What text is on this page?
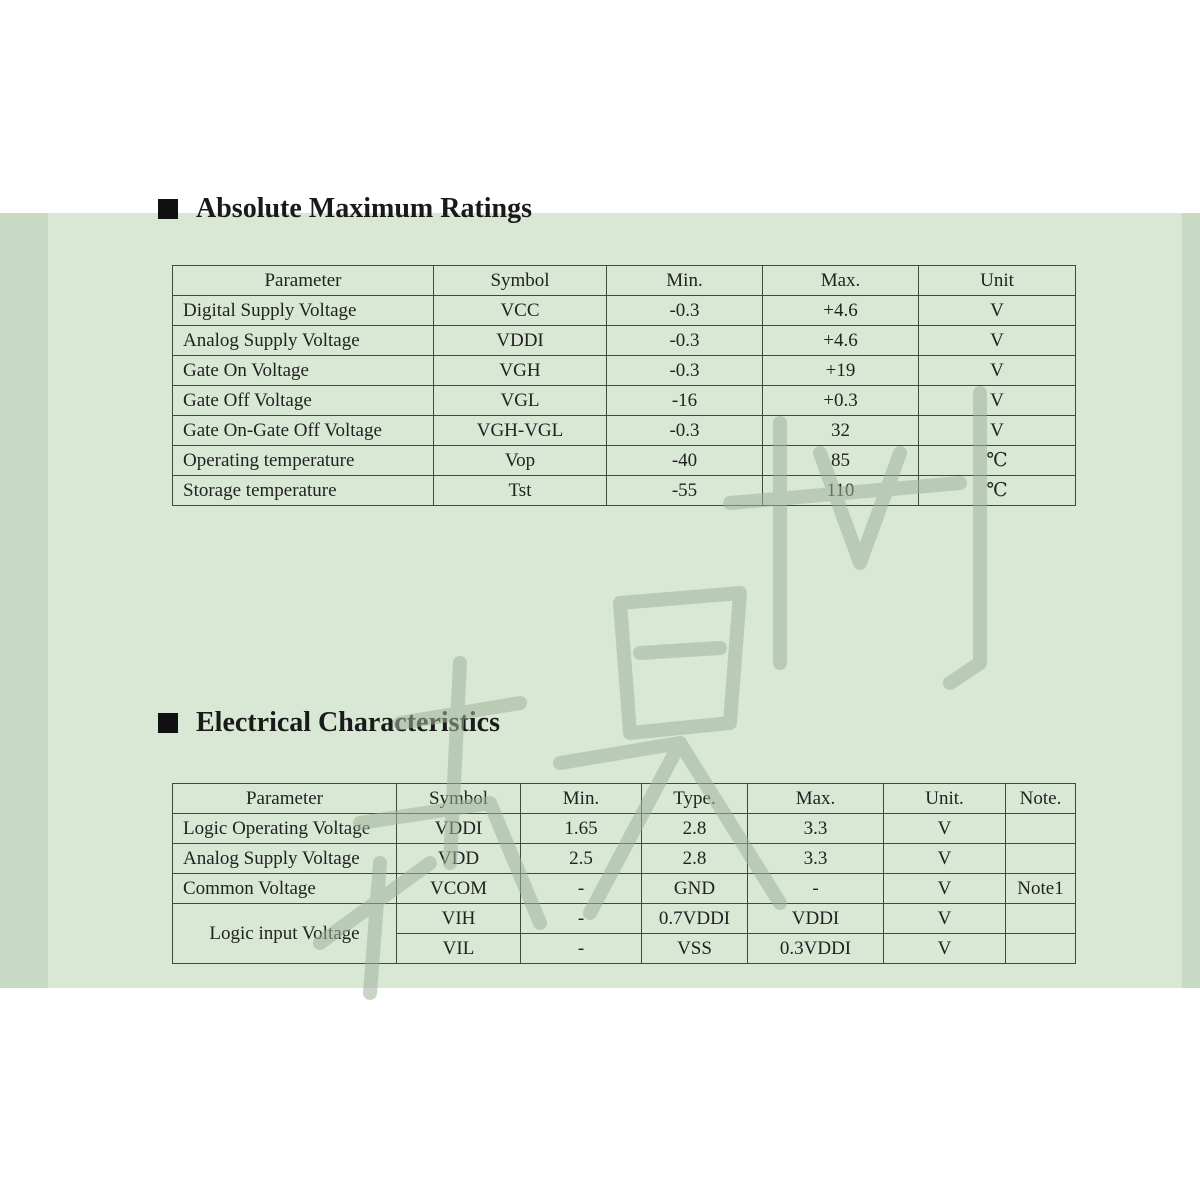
Absolute Maximum Ratings
Parameter	Symbol	Min.	Max.	Unit
Digital Supply Voltage	VCC	-0.3	+4.6	V
Analog Supply Voltage	VDDI	-0.3	+4.6	V
Gate On Voltage	VGH	-0.3	+19	V
Gate Off Voltage	VGL	-16	+0.3	V
Gate On-Gate Off Voltage	VGH-VGL	-0.3	32	V
Operating temperature	Vop	-40	85	℃
Storage temperature	Tst	-55	110	℃
Electrical Characteristics
Parameter	Symbol	Min.	Type.	Max.	Unit.	Note.
Logic Operating Voltage	VDDI	1.65	2.8	3.3	V	
Analog Supply Voltage	VDD	2.5	2.8	3.3	V	
Common Voltage	VCOM	-	GND	-	V	Note1
Logic input Voltage	VIH	-	0.7VDDI	VDDI	V	
	VIL	-	VSS	0.3VDDI	V	
